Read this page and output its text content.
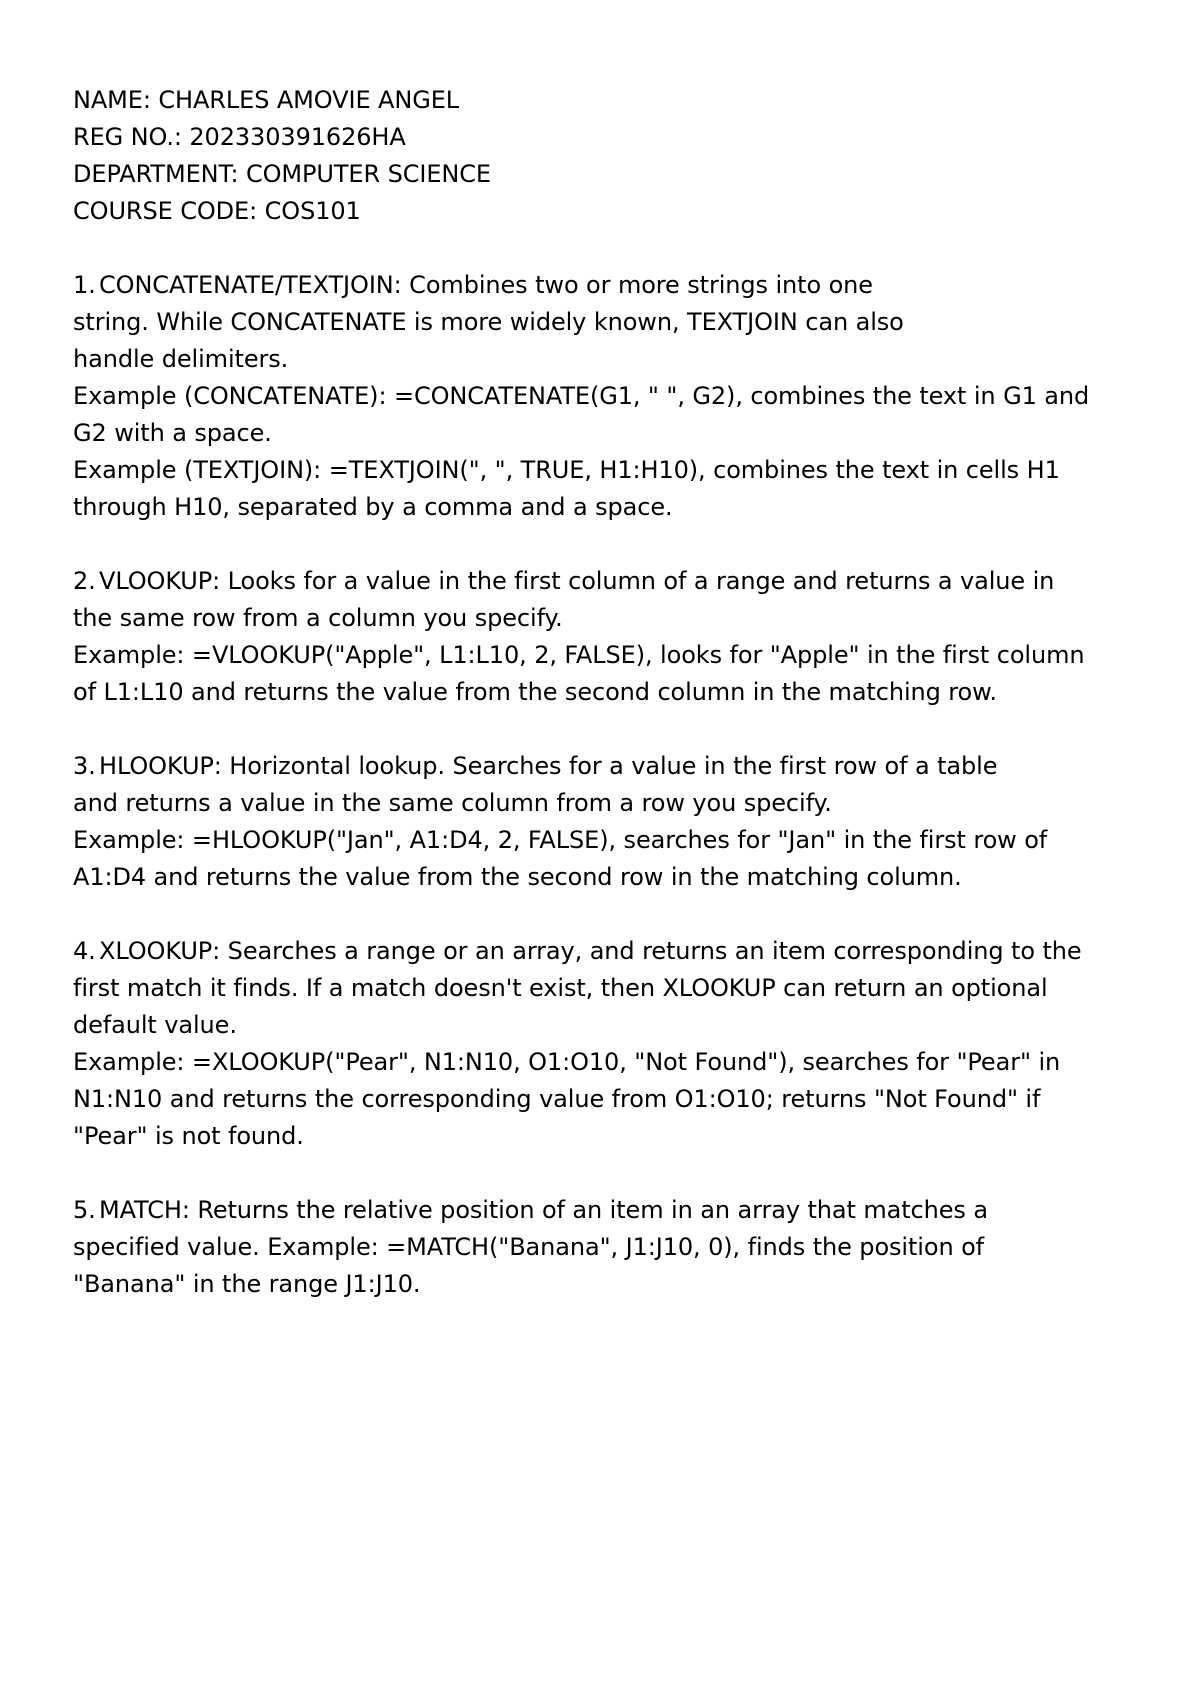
NAME: CHARLES AMOVIE ANGEL
REG NO.: 202330391626HA
DEPARTMENT: COMPUTER SCIENCE
COURSE CODE: COS101
1. CONCATENATE/TEXTJOIN: Combines two or more strings into one
string. While CONCATENATE is more widely known, TEXTJOIN can also
handle delimiters.
Example (CONCATENATE): =CONCATENATE(G1, " ", G2), combines the text in G1 and
G2 with a space.
Example (TEXTJOIN): =TEXTJOIN(", ", TRUE, H1:H10), combines the text in cells H1
through H10, separated by a comma and a space.
2. VLOOKUP: Looks for a value in the first column of a range and returns a value in
the same row from a column you specify.
Example: =VLOOKUP("Apple", L1:L10, 2, FALSE), looks for "Apple" in the first column
of L1:L10 and returns the value from the second column in the matching row.
3. HLOOKUP: Horizontal lookup. Searches for a value in the first row of a table
and returns a value in the same column from a row you specify.
Example: =HLOOKUP("Jan", A1:D4, 2, FALSE), searches for "Jan" in the first row of
A1:D4 and returns the value from the second row in the matching column.
4. XLOOKUP: Searches a range or an array, and returns an item corresponding to the
first match it finds. If a match doesn't exist, then XLOOKUP can return an optional
default value.
Example: =XLOOKUP("Pear", N1:N10, O1:O10, "Not Found"), searches for "Pear" in
N1:N10 and returns the corresponding value from O1:O10; returns "Not Found" if
"Pear" is not found.
5. MATCH: Returns the relative position of an item in an array that matches a
specified value. Example: =MATCH("Banana", J1:J10, 0), finds the position of
"Banana" in the range J1:J10.
